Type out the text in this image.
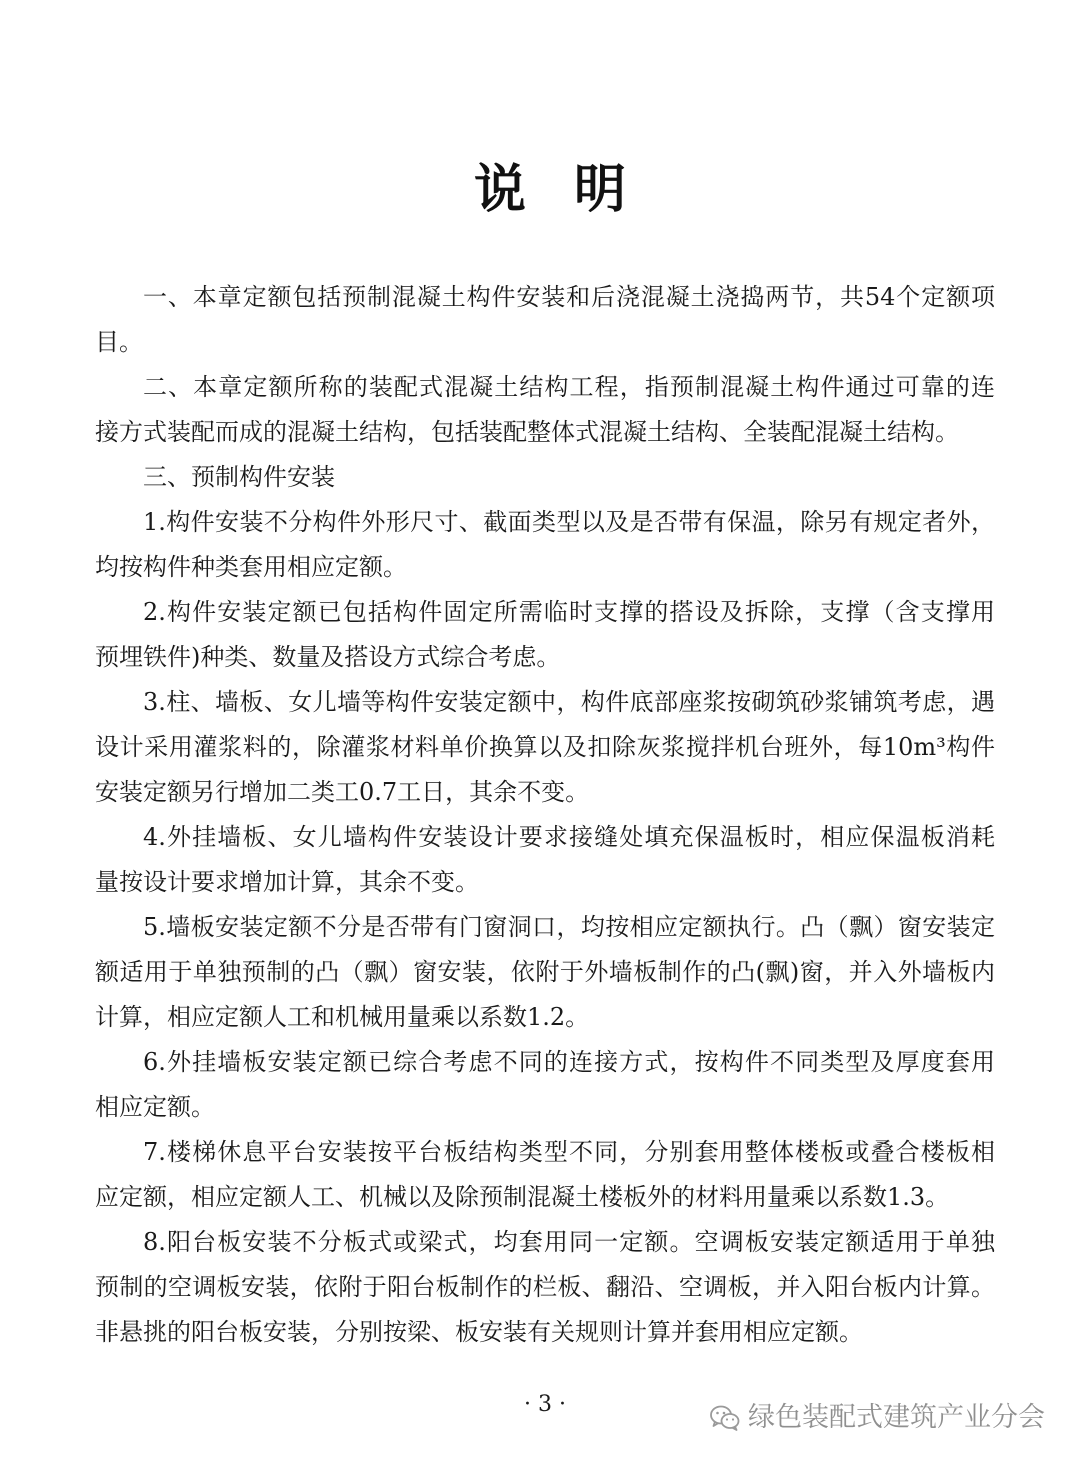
说明
一、本章定额包括预制混凝土构件安装和后浇混凝土浇捣两节，共54个定额项
目。
二、本章定额所称的装配式混凝土结构工程，指预制混凝土构件通过可靠的连
接方式装配而成的混凝土结构，包括装配整体式混凝土结构、全装配混凝土结构。
三、预制构件安装
1.构件安装不分构件外形尺寸、截面类型以及是否带有保温，除另有规定者外，
均按构件种类套用相应定额。
2.构件安装定额已包括构件固定所需临时支撑的搭设及拆除，支撑（含支撑用
预埋铁件)种类、数量及搭设方式综合考虑。
3.柱、墙板、女儿墙等构件安装定额中，构件底部座浆按砌筑砂浆铺筑考虑，遇
设计采用灌浆料的，除灌浆材料单价换算以及扣除灰浆搅拌机台班外，每10m³构件
安装定额另行增加二类工0.7工日，其余不变。
4.外挂墙板、女儿墙构件安装设计要求接缝处填充保温板时，相应保温板消耗
量按设计要求增加计算，其余不变。
5.墙板安装定额不分是否带有门窗洞口，均按相应定额执行。凸（飘）窗安装定
额适用于单独预制的凸（飘）窗安装，依附于外墙板制作的凸(飘)窗，并入外墙板内
计算，相应定额人工和机械用量乘以系数1.2。
6.外挂墙板安装定额已综合考虑不同的连接方式，按构件不同类型及厚度套用
相应定额。
7.楼梯休息平台安装按平台板结构类型不同，分别套用整体楼板或叠合楼板相
应定额，相应定额人工、机械以及除预制混凝土楼板外的材料用量乘以系数1.3。
8.阳台板安装不分板式或梁式，均套用同一定额。空调板安装定额适用于单独
预制的空调板安装，依附于阳台板制作的栏板、翻沿、空调板，并入阳台板内计算。
非悬挑的阳台板安装，分别按梁、板安装有关规则计算并套用相应定额。
· 3 ·	绿色装配式建筑产业分会
